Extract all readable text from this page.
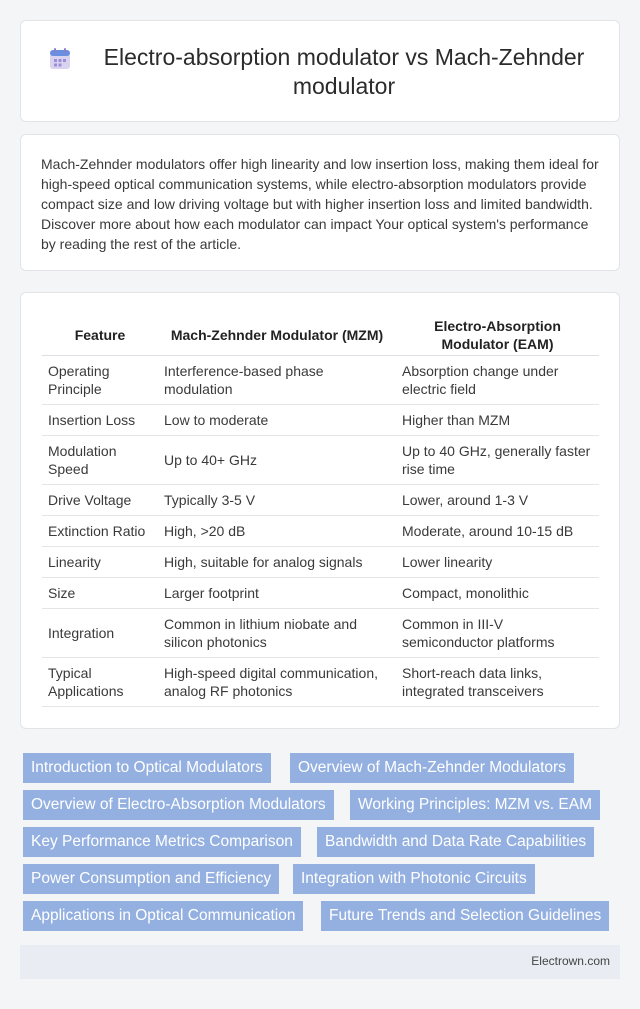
Electro-absorption modulator vs Mach-Zehnder modulator
Mach-Zehnder modulators offer high linearity and low insertion loss, making them ideal for high-speed optical communication systems, while electro-absorption modulators provide compact size and low driving voltage but with higher insertion loss and limited bandwidth. Discover more about how each modulator can impact Your optical system's performance by reading the rest of the article.
Feature	Mach-Zehnder Modulator (MZM)	Electro-Absorption Modulator (EAM)
Operating Principle	Interference-based phase modulation	Absorption change under electric field
Insertion Loss	Low to moderate	Higher than MZM
Modulation Speed	Up to 40+ GHz	Up to 40 GHz, generally faster rise time
Drive Voltage	Typically 3-5 V	Lower, around 1-3 V
Extinction Ratio	High, >20 dB	Moderate, around 10-15 dB
Linearity	High, suitable for analog signals	Lower linearity
Size	Larger footprint	Compact, monolithic
Integration	Common in lithium niobate and silicon photonics	Common in III-V semiconductor platforms
Typical Applications	High-speed digital communication, analog RF photonics	Short-reach data links, integrated transceivers
Introduction to Optical Modulators	Overview of Mach-Zehnder Modulators
Overview of Electro-Absorption Modulators	Working Principles: MZM vs. EAM
Key Performance Metrics Comparison	Bandwidth and Data Rate Capabilities
Power Consumption and Efficiency	Integration with Photonic Circuits
Applications in Optical Communication	Future Trends and Selection Guidelines
Electrown.com
